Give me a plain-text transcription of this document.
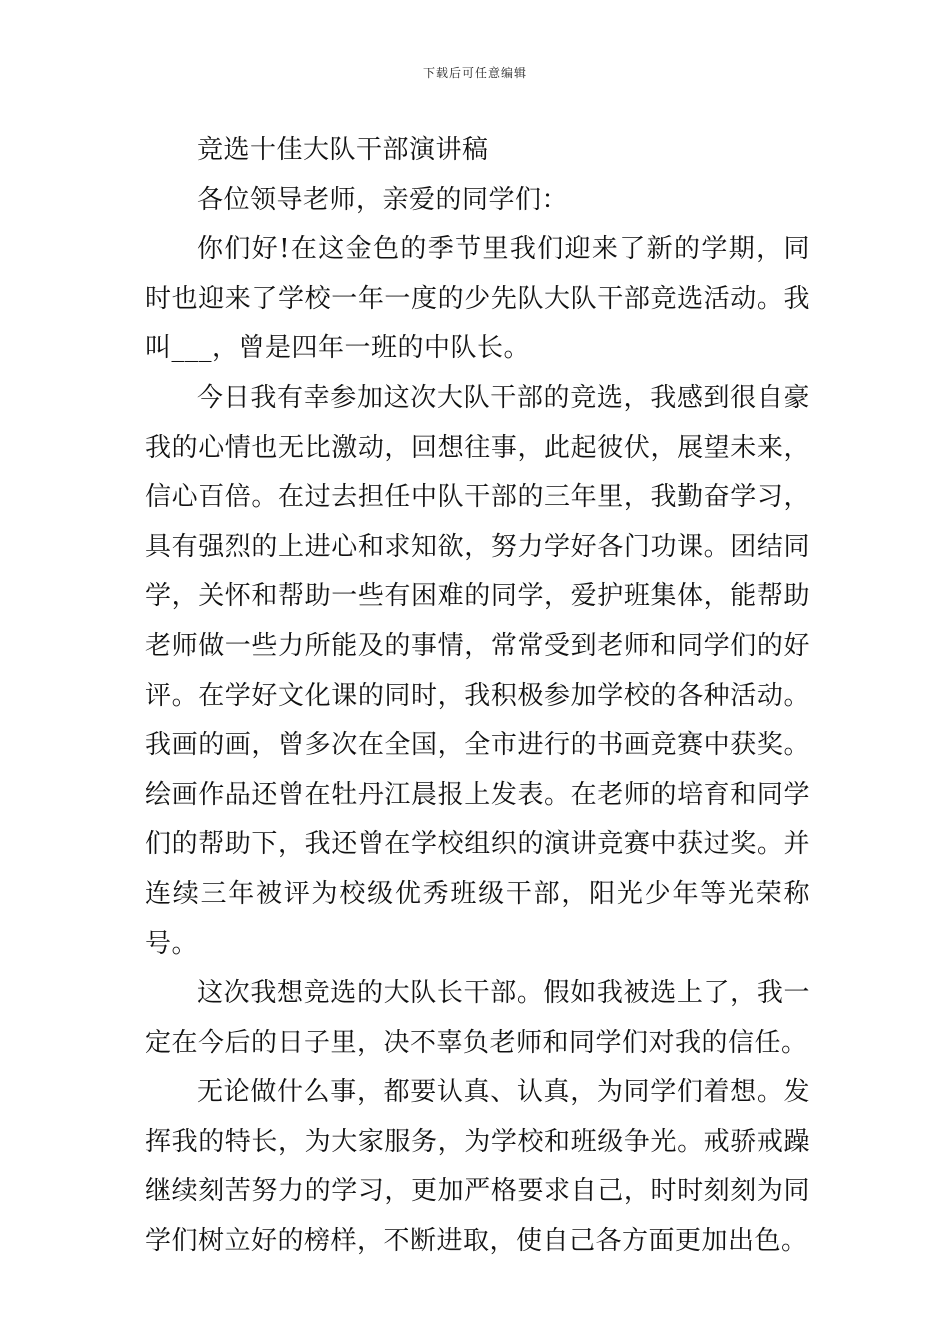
下载后可任意编辑

竞选十佳大队干部演讲稿

各位领导老师，亲爱的同学们：

你们好!在这金色的季节里我们迎来了新的学期，同时也迎来了学校一年一度的少先队大队干部竞选活动。我叫___，曾是四年一班的中队长。

今日我有幸参加这次大队干部的竞选，我感到很自豪我的心情也无比激动，回想往事，此起彼伏，展望未来，信心百倍。在过去担任中队干部的三年里，我勤奋学习，具有强烈的上进心和求知欲，努力学好各门功课。团结同学，关怀和帮助一些有困难的同学，爱护班集体，能帮助老师做一些力所能及的事情，常常受到老师和同学们的好评。在学好文化课的同时，我积极参加学校的各种活动。我画的画，曾多次在全国，全市进行的书画竞赛中获奖。绘画作品还曾在牡丹江晨报上发表。在老师的培育和同学们的帮助下，我还曾在学校组织的演讲竞赛中获过奖。并连续三年被评为校级优秀班级干部，阳光少年等光荣称号。

这次我想竞选的大队长干部。假如我被选上了，我一定在今后的日子里，决不辜负老师和同学们对我的信任。

无论做什么事，都要认真、认真，为同学们着想。发挥我的特长，为大家服务，为学校和班级争光。戒骄戒躁继续刻苦努力的学习，更加严格要求自己，时时刻刻为同学们树立好的榜样，不断进取，使自己各方面更加出色。
